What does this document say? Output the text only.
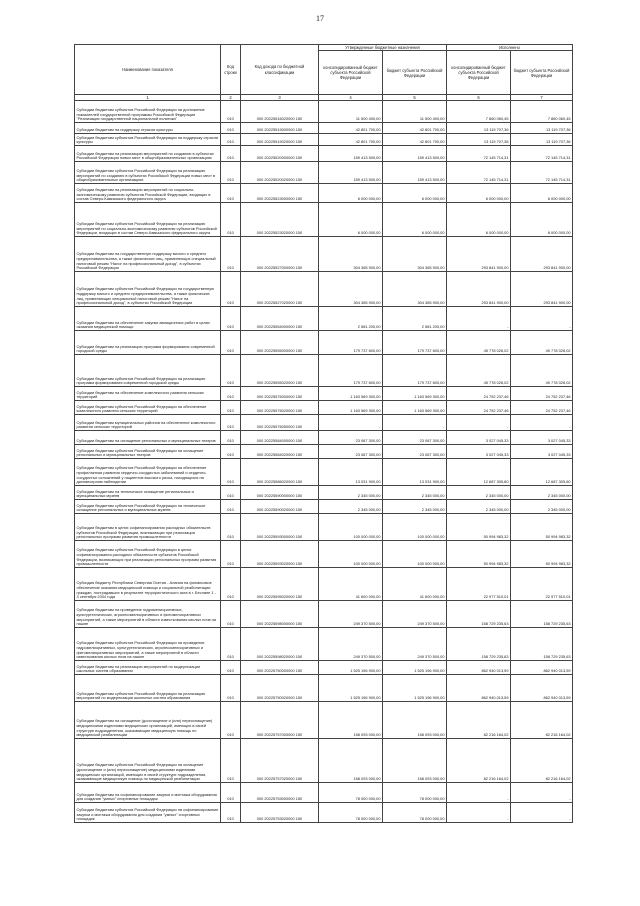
17
Наименование показателя	Код строки	Код дохода по бюджетной классификации	Утвержденные бюджетные назначения		Исполнено	
			консолидированный бюджет субъекта Российской Федерации	бюджет субъекта Российской Федерации	консолидированный бюджет субъекта Российской Федерации	бюджет субъекта Российской Федерации
1	2	3	4	5	6	7
Субсидии бюджетам субъектов Российской Федерации на достижение показателей государственной программы Российской Федерации "Реализация государственной национальной политики"	010	000 20225516020000 150	11 500 400,00	11 500 400,00	7 860 060,45	7 860 060,45
Субсидии бюджетам на поддержку отрасли культуры	010	000 20225519000000 150	42 801 700,00	42 801 700,00	13 119 707,36	13 119 707,36
Субсидии бюджетам субъектов Российской Федерации на поддержку отрасли культуры	010	000 20225519020000 150	42 801 700,00	42 801 700,00	13 119 707,36	13 119 707,36
Субсидии бюджетам на реализацию мероприятий по созданию в субъектах Российской Федерации новых мест в общеобразовательных организациях	010	000 20225520000000 150	159 413 500,00	159 413 500,00	72 145 714,31	72 145 714,31
Субсидии бюджетам субъектов Российской Федерации на реализацию мероприятий по созданию в субъектах Российской Федерации новых мест в общеобразовательных организациях	010	000 20225520020000 150	159 413 500,00	159 413 500,00	72 145 714,31	72 145 714,31
Субсидии бюджетам на реализацию мероприятий по социально-экономическому развитию субъектов Российской Федерации, входящих в состав Северо-Кавказского федерального округа	010	000 20225523000000 150	6 000 000,00	6 000 000,00	6 000 000,00	6 000 000,00
Субсидии бюджетам субъектов Российской Федерации на реализацию мероприятий по социально-экономическому развитию субъектов Российской Федерации, входящих в состав Северо-Кавказского федерального округа	010	000 20225523020000 150	6 000 000,00	6 000 000,00	6 000 000,00	6 000 000,00
Субсидии бюджетам на государственную поддержку малого и среднего предпринимательства, а также физических лиц, применяющих специальный налоговый режим "Налог на профессиональный доход", в субъектах Российской Федерации	010	000 20225527000000 150	304 365 900,00	304 365 900,00	293 841 900,00	293 841 900,00
Субсидии бюджетам субъектов Российской Федерации на государственную поддержку малого и среднего предпринимательства, а также физических лиц, применяющих специальный налоговый режим "Налог на профессиональный доход", в субъектах Российской Федерации	010	000 20225527020000 150	304 365 900,00	304 365 900,00	293 841 900,00	293 841 900,00
Субсидии бюджетам на обеспечение закупки авиационных работ в целях оказания медицинской помощи	010	000 20225554000000 150	2 581 200,00	2 581 200,00	-	-
Субсидии бюджетам на реализацию программ формирования современной городской среды	010	000 20225555000000 150	179 737 600,00	179 737 600,00	45 778 026,02	49 778 026,02
Субсидии бюджетам субъектов Российской Федерации на реализацию программ формирования современной городской среды	010	000 20225555020000 150	179 737 600,00	179 737 600,00	45 778 026,02	49 778 026,02
Субсидии бюджетам на обеспечение комплексного развития сельских территорий	010	000 20225576000000 150	1 163 569 300,00	1 163 569 300,00	24 752 237,46	24 752 237,46
Субсидии бюджетам субъектов Российской Федерации на обеспечение комплексного развития сельских территорий	010	000 20225576020000 150	1 163 569 300,00	1 163 569 300,00	24 752 237,46	24 752 237,46
Субсидии бюджетам муниципальных районов на обеспечение комплексного развития сельских территорий	010	000 20225576050000 150	-	-	-	-
Субсидии бюджетам на оснащение региональных и муниципальных театров	010	000 20225584000000 150	23 087 300,00	23 087 300,00	3 027 045,33	3 027 045,33
Субсидии бюджетам субъектов Российской Федерации на оснащение региональных и муниципальных театров	010	000 20225584020000 150	23 087 300,00	23 087 300,00	3 027 045,33	3 027 045,33
Субсидии бюджетам субъектов Российской Федерации на обеспечение профилактики развития сердечно-сосудистых заболеваний и сердечно-сосудистых осложнений у пациентов высокого риска, находящихся на диспансерном наблюдении	010	000 20225586020000 150	13 031 900,00	13 031 900,00	12 687 305,60	12 687 305,60
Субсидии бюджетам на техническое оснащение региональных и муниципальных музеев	010	000 20225590000000 150	2 345 000,00	2 345 000,00	2 345 000,00	2 345 000,00
Субсидии бюджетам субъектов Российской Федерации на техническое оснащение региональных и муниципальных музеев	010	000 20225590020000 150	2 345 000,00	2 345 000,00	2 345 000,00	2 345 000,00
Субсидии бюджетам в целях софинансирования расходных обязательств субъектов Российской Федерации, возникающих при реализации региональных программ развития промышленности	010	000 20225593000000 150	100 000 000,00	100 000 000,00	50 994 983,32	50 994 983,32
Субсидии бюджетам субъектов Российской Федерации в целях софинансирования расходных обязательств субъектов Российской Федерации, возникающих при реализации региональных программ развития промышленности	010	000 20225593020000 150	100 000 000,00	100 000 000,00	50 994 983,32	50 994 983,32
Субсидия бюджету Республики Северная Осетия - Алания на финансовое обеспечение оказания медицинской помощи и социальной реабилитации граждан, пострадавших в результате террористического акта в г. Беслане 1 - 3 сентября 2004 года	010	000 20225595020000 150	41 600 000,00	41 600 000,00	22 977 510,01	22 977 510,01
Субсидии бюджетам на проведение гидромелиоративных, культуртехнических, агролесомелиоративных и фитомелиоративных мероприятий, а также мероприятий в области известкования кислых почв на пашне	010	000 20225598000000 150	249 370 500,00	249 370 500,00	158 729 235,63	158 729 235,63
Субсидии бюджетам субъектов Российской Федерации на проведение гидромелиоративных, культуртехнических, агролесомелиоративных и фитомелиоративных мероприятий, а также мероприятий в области известкования кислых почв на пашне	010	000 20225598020000 150	249 370 500,00	249 370 500,00	158 729 235,63	158 729 235,63
Субсидии бюджетам на реализацию мероприятий по модернизации школьных систем образования	010	000 20225750000000 150	1 525 196 900,00	1 525 196 900,00	862 940 013,59	862 940 013,59
Субсидии бюджетам субъектов Российской Федерации на реализацию мероприятий по модернизации школьных систем образования	010	000 20225750020000 150	1 525 196 900,00	1 525 196 900,00	862 940 013,59	862 940 013,59
Субсидии бюджетам на оснащение (дооснащение и (или) переоснащение) медицинскими изделиями медицинских организаций, имеющих в своей структуре подразделения, оказывающие медицинскую помощь по медицинской реабилитации	010	000 20225757000000 150	158 093 000,00	158 093 000,00	82 216 164,02	82 216 164,02
Субсидии бюджетам субъектов Российской Федерации на оснащение (дооснащение и (или) переоснащение) медицинскими изделиями медицинских организаций, имеющих в своей структуре подразделения, оказывающие медицинскую помощь по медицинской реабилитации	010	000 20225757020000 150	158 093 000,00	158 093 000,00	82 216 164,02	82 216 164,02
Субсидии бюджетам на софинансирование закупки и монтажа оборудования для создания "умных" спортивных площадок	010	000 20225753000000 150	78 000 000,00	78 000 000,00	-	-
Субсидии бюджетам субъектов Российской Федерации на софинансирование закупки и монтажа оборудования для создания "умных" спортивных площадок	010	000 20225753020000 150	78 000 000,00	78 000 000,00	-	-
